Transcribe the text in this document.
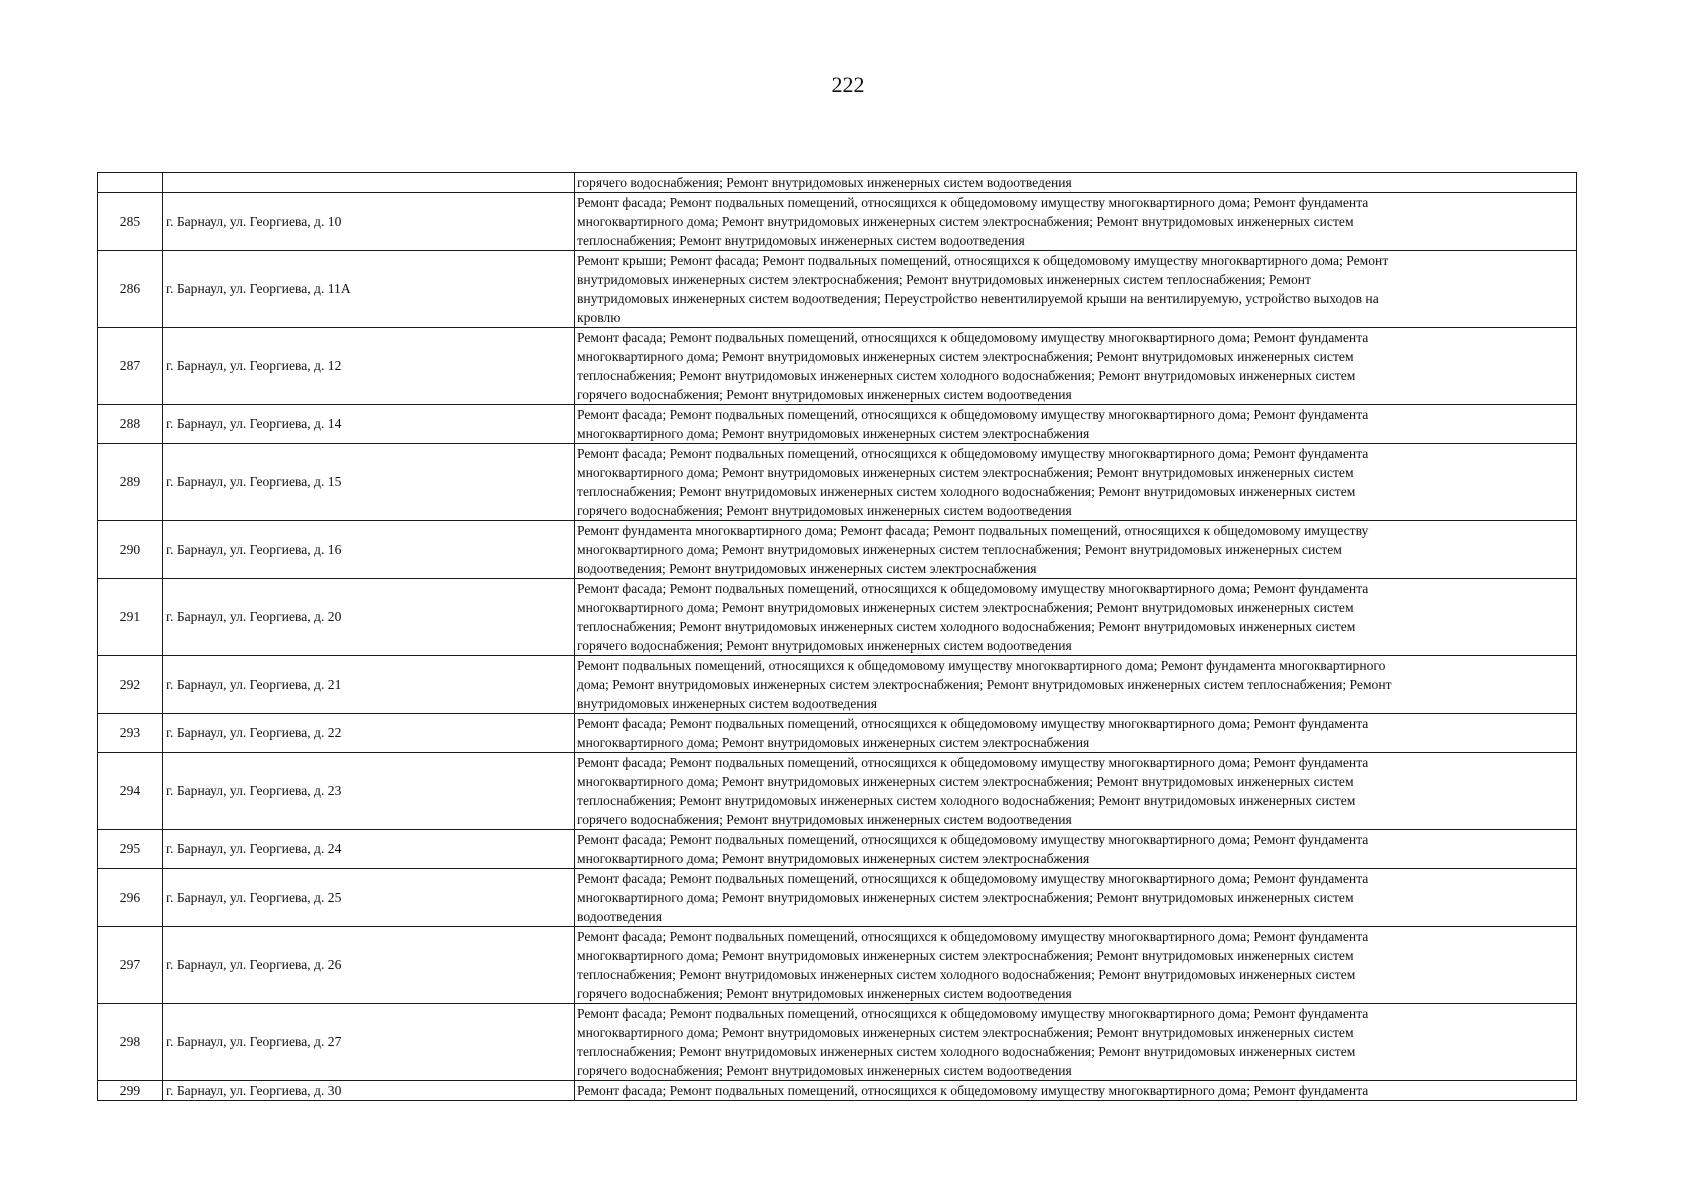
222

		горячего водоснабжения; Ремонт внутридомовых инженерных систем водоотведения

285	г. Барнаул, ул. Георгиева, д. 10	Ремонт фасада; Ремонт подвальных помещений, относящихся к общедомовому имуществу многоквартирного дома; Ремонт фундамента
многоквартирного дома; Ремонт внутридомовых инженерных систем электроснабжения; Ремонт внутридомовых инженерных систем
теплоснабжения; Ремонт внутридомовых инженерных систем водоотведения

286	г. Барнаул, ул. Георгиева, д. 11А	Ремонт крыши; Ремонт фасада; Ремонт подвальных помещений, относящихся к общедомовому имуществу многоквартирного дома; Ремонт
внутридомовых инженерных систем электроснабжения; Ремонт внутридомовых инженерных систем теплоснабжения; Ремонт
внутридомовых инженерных систем водоотведения; Переустройство невентилируемой крыши на вентилируемую, устройство выходов на
кровлю

287	г. Барнаул, ул. Георгиева, д. 12	Ремонт фасада; Ремонт подвальных помещений, относящихся к общедомовому имуществу многоквартирного дома; Ремонт фундамента
многоквартирного дома; Ремонт внутридомовых инженерных систем электроснабжения; Ремонт внутридомовых инженерных систем
теплоснабжения; Ремонт внутридомовых инженерных систем холодного водоснабжения; Ремонт внутридомовых инженерных систем
горячего водоснабжения; Ремонт внутридомовых инженерных систем водоотведения

288	г. Барнаул, ул. Георгиева, д. 14	Ремонт фасада; Ремонт подвальных помещений, относящихся к общедомовому имуществу многоквартирного дома; Ремонт фундамента
многоквартирного дома; Ремонт внутридомовых инженерных систем электроснабжения

289	г. Барнаул, ул. Георгиева, д. 15	Ремонт фасада; Ремонт подвальных помещений, относящихся к общедомовому имуществу многоквартирного дома; Ремонт фундамента
многоквартирного дома; Ремонт внутридомовых инженерных систем электроснабжения; Ремонт внутридомовых инженерных систем
теплоснабжения; Ремонт внутридомовых инженерных систем холодного водоснабжения; Ремонт внутридомовых инженерных систем
горячего водоснабжения; Ремонт внутридомовых инженерных систем водоотведения

290	г. Барнаул, ул. Георгиева, д. 16	Ремонт фундамента многоквартирного дома; Ремонт фасада; Ремонт подвальных помещений, относящихся к общедомовому имуществу
многоквартирного дома; Ремонт внутридомовых инженерных систем теплоснабжения; Ремонт внутридомовых инженерных систем
водоотведения; Ремонт внутридомовых инженерных систем электроснабжения

291	г. Барнаул, ул. Георгиева, д. 20	Ремонт фасада; Ремонт подвальных помещений, относящихся к общедомовому имуществу многоквартирного дома; Ремонт фундамента
многоквартирного дома; Ремонт внутридомовых инженерных систем электроснабжения; Ремонт внутридомовых инженерных систем
теплоснабжения; Ремонт внутридомовых инженерных систем холодного водоснабжения; Ремонт внутридомовых инженерных систем
горячего водоснабжения; Ремонт внутридомовых инженерных систем водоотведения

292	г. Барнаул, ул. Георгиева, д. 21	Ремонт подвальных помещений, относящихся к общедомовому имуществу многоквартирного дома; Ремонт фундамента многоквартирного
дома; Ремонт внутридомовых инженерных систем электроснабжения; Ремонт внутридомовых инженерных систем теплоснабжения; Ремонт
внутридомовых инженерных систем водоотведения

293	г. Барнаул, ул. Георгиева, д. 22	Ремонт фасада; Ремонт подвальных помещений, относящихся к общедомовому имуществу многоквартирного дома; Ремонт фундамента
многоквартирного дома; Ремонт внутридомовых инженерных систем электроснабжения

294	г. Барнаул, ул. Георгиева, д. 23	Ремонт фасада; Ремонт подвальных помещений, относящихся к общедомовому имуществу многоквартирного дома; Ремонт фундамента
многоквартирного дома; Ремонт внутридомовых инженерных систем электроснабжения; Ремонт внутридомовых инженерных систем
теплоснабжения; Ремонт внутридомовых инженерных систем холодного водоснабжения; Ремонт внутридомовых инженерных систем
горячего водоснабжения; Ремонт внутридомовых инженерных систем водоотведения

295	г. Барнаул, ул. Георгиева, д. 24	Ремонт фасада; Ремонт подвальных помещений, относящихся к общедомовому имуществу многоквартирного дома; Ремонт фундамента
многоквартирного дома; Ремонт внутридомовых инженерных систем электроснабжения

296	г. Барнаул, ул. Георгиева, д. 25	Ремонт фасада; Ремонт подвальных помещений, относящихся к общедомовому имуществу многоквартирного дома; Ремонт фундамента
многоквартирного дома; Ремонт внутридомовых инженерных систем электроснабжения; Ремонт внутридомовых инженерных систем
водоотведения

297	г. Барнаул, ул. Георгиева, д. 26	Ремонт фасада; Ремонт подвальных помещений, относящихся к общедомовому имуществу многоквартирного дома; Ремонт фундамента
многоквартирного дома; Ремонт внутридомовых инженерных систем электроснабжения; Ремонт внутридомовых инженерных систем
теплоснабжения; Ремонт внутридомовых инженерных систем холодного водоснабжения; Ремонт внутридомовых инженерных систем
горячего водоснабжения; Ремонт внутридомовых инженерных систем водоотведения

298	г. Барнаул, ул. Георгиева, д. 27	Ремонт фасада; Ремонт подвальных помещений, относящихся к общедомовому имуществу многоквартирного дома; Ремонт фундамента
многоквартирного дома; Ремонт внутридомовых инженерных систем электроснабжения; Ремонт внутридомовых инженерных систем
теплоснабжения; Ремонт внутридомовых инженерных систем холодного водоснабжения; Ремонт внутридомовых инженерных систем
горячего водоснабжения; Ремонт внутридомовых инженерных систем водоотведения

299	г. Барнаул, ул. Георгиева, д. 30	Ремонт фасада; Ремонт подвальных помещений, относящихся к общедомовому имуществу многоквартирного дома; Ремонт фундамента
